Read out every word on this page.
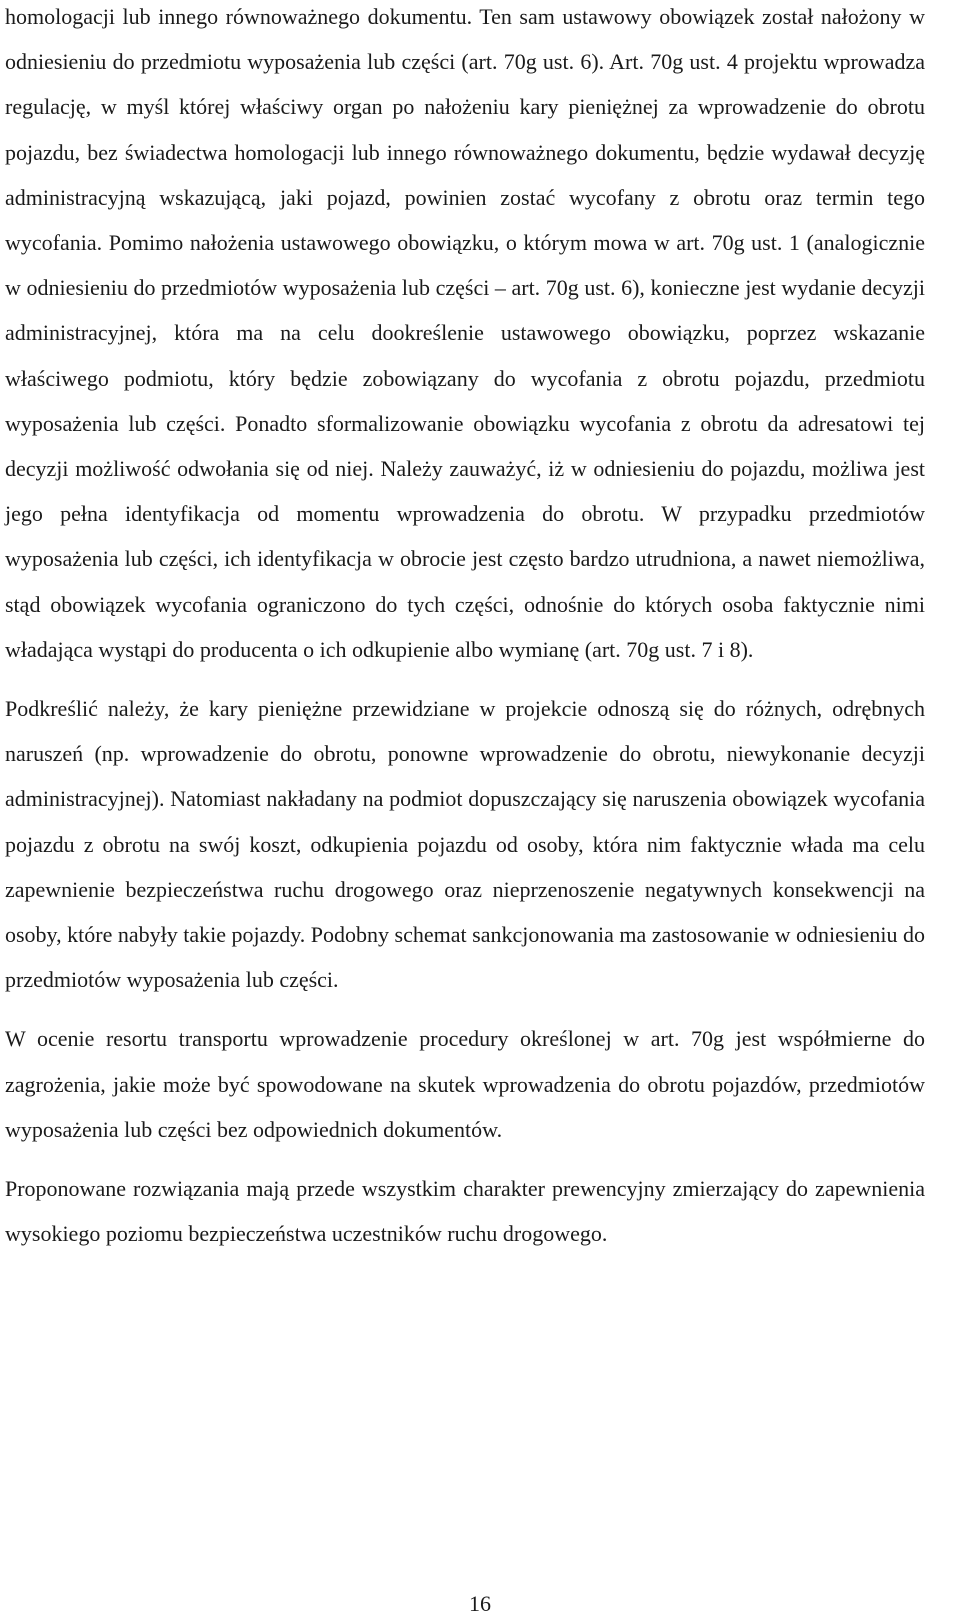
homologacji lub innego równoważnego dokumentu. Ten sam ustawowy obowiązek został nałożony w odniesieniu do przedmiotu wyposażenia lub części (art. 70g ust. 6). Art. 70g ust. 4 projektu wprowadza regulację, w myśl której właściwy organ po nałożeniu kary pieniężnej za wprowadzenie do obrotu pojazdu, bez świadectwa homologacji lub innego równoważnego dokumentu, będzie wydawał decyzję administracyjną wskazującą, jaki pojazd, powinien zostać wycofany z obrotu oraz termin tego wycofania. Pomimo nałożenia ustawowego obowiązku, o którym mowa w art. 70g ust. 1 (analogicznie w odniesieniu do przedmiotów wyposażenia lub części – art. 70g ust. 6), konieczne jest wydanie decyzji administracyjnej, która ma na celu dookreślenie ustawowego obowiązku, poprzez wskazanie właściwego podmiotu, który będzie zobowiązany do wycofania z obrotu pojazdu, przedmiotu wyposażenia lub części. Ponadto sformalizowanie obowiązku wycofania z obrotu da adresatowi tej decyzji możliwość odwołania się od niej. Należy zauważyć, iż w odniesieniu do pojazdu, możliwa jest jego pełna identyfikacja od momentu wprowadzenia do obrotu. W przypadku przedmiotów wyposażenia lub części, ich identyfikacja w obrocie jest często bardzo utrudniona, a nawet niemożliwa, stąd obowiązek wycofania ograniczono do tych części, odnośnie do których osoba faktycznie nimi władająca wystąpi do producenta o ich odkupienie albo wymianę (art. 70g ust. 7 i 8).

Podkreślić należy, że kary pieniężne przewidziane w projekcie odnoszą się do różnych, odrębnych naruszeń (np. wprowadzenie do obrotu, ponowne wprowadzenie do obrotu, niewykonanie decyzji administracyjnej). Natomiast nakładany na podmiot dopuszczający się naruszenia obowiązek wycofania pojazdu z obrotu na swój koszt, odkupienia pojazdu od osoby, która nim faktycznie włada ma celu zapewnienie bezpieczeństwa ruchu drogowego oraz nieprzenoszenie negatywnych konsekwencji na osoby, które nabyły takie pojazdy. Podobny schemat sankcjonowania ma zastosowanie w odniesieniu do przedmiotów wyposażenia lub części.

W ocenie resortu transportu wprowadzenie procedury określonej w art. 70g jest współmierne do zagrożenia, jakie może być spowodowane na skutek wprowadzenia do obrotu pojazdów, przedmiotów wyposażenia lub części bez odpowiednich dokumentów.

Proponowane rozwiązania mają przede wszystkim charakter prewencyjny zmierzający do zapewnienia wysokiego poziomu bezpieczeństwa uczestników ruchu drogowego.

16
